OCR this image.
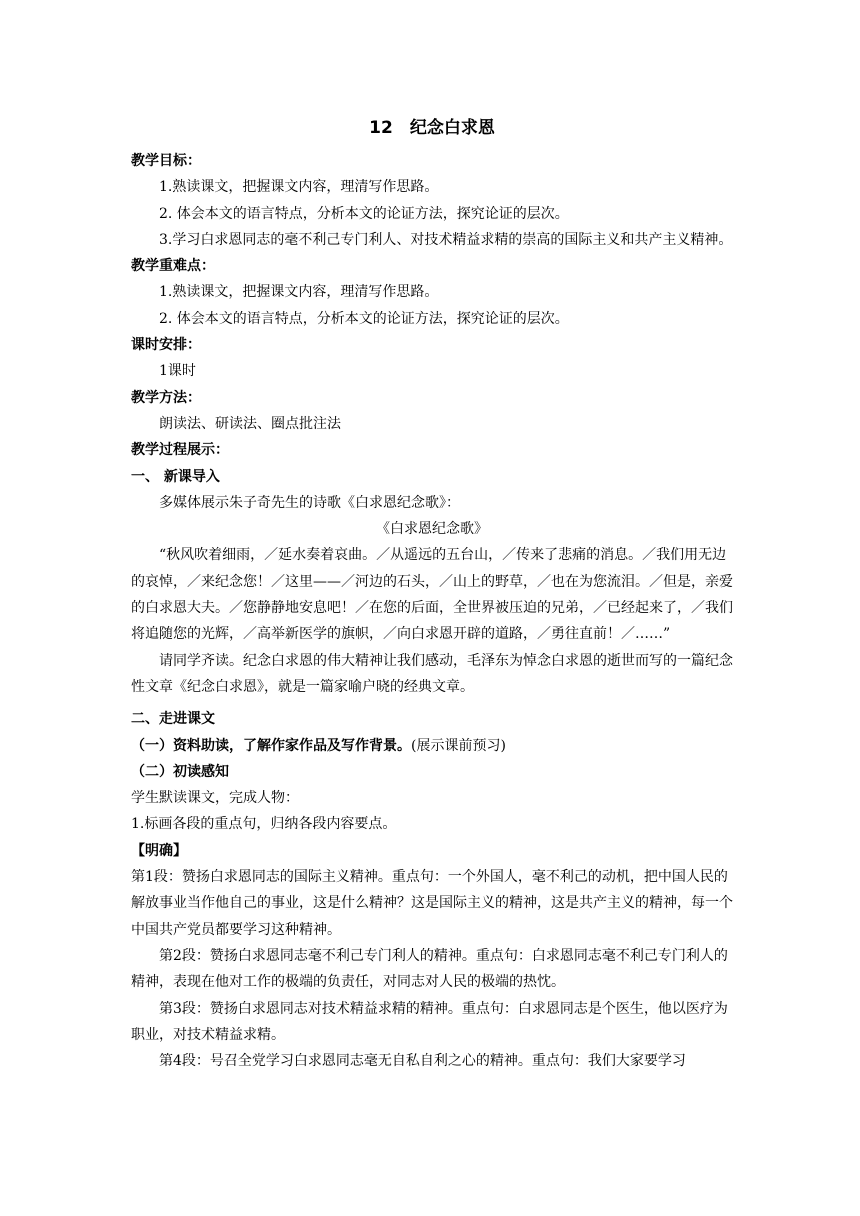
12　纪念白求恩

教学目标：

1.熟读课文，把握课文内容，理清写作思路。

2. 体会本文的语言特点，分析本文的论证方法，探究论证的层次。

3.学习白求恩同志的毫不利己专门利人、对技术精益求精的崇高的国际主义和共产主义精神。

教学重难点：

1.熟读课文，把握课文内容，理清写作思路。

2. 体会本文的语言特点，分析本文的论证方法，探究论证的层次。

课时安排：

1课时

教学方法：

朗读法、研读法、圈点批注法

教学过程展示：

一、 新课导入

多媒体展示朱子奇先生的诗歌《白求恩纪念歌》：

《白求恩纪念歌》

“秋风吹着细雨，／延水奏着哀曲。／从遥远的五台山，／传来了悲痛的消息。／我们用无边的哀悼，／来纪念您！／这里——／河边的石头，／山上的野草，／也在为您流泪。／但是，亲爱的白求恩大夫。／您静静地安息吧！／在您的后面，全世界被压迫的兄弟，／已经起来了，／我们将追随您的光辉，／高举新医学的旗帜，／向白求恩开辟的道路，／勇往直前！／……”

请同学齐读。纪念白求恩的伟大精神让我们感动，毛泽东为悼念白求恩的逝世而写的一篇纪念性文章《纪念白求恩》，就是一篇家喻户晓的经典文章。

二、走进课文

（一）资料助读，了解作家作品及写作背景。(展示课前预习)

（二）初读感知

学生默读课文，完成人物：

1.标画各段的重点句，归纳各段内容要点。

【明确】

第1段：赞扬白求恩同志的国际主义精神。重点句：一个外国人，毫不利己的动机，把中国人民的解放事业当作他自己的事业，这是什么精神？这是国际主义的精神，这是共产主义的精神，每一个中国共产党员都要学习这种精神。

第2段：赞扬白求恩同志毫不利己专门利人的精神。重点句：白求恩同志毫不利己专门利人的精神，表现在他对工作的极端的负责任，对同志对人民的极端的热忱。

第3段：赞扬白求恩同志对技术精益求精的精神。重点句：白求恩同志是个医生，他以医疗为职业，对技术精益求精。

第4段：号召全党学习白求恩同志毫无自私自利之心的精神。重点句：我们大家要学习
